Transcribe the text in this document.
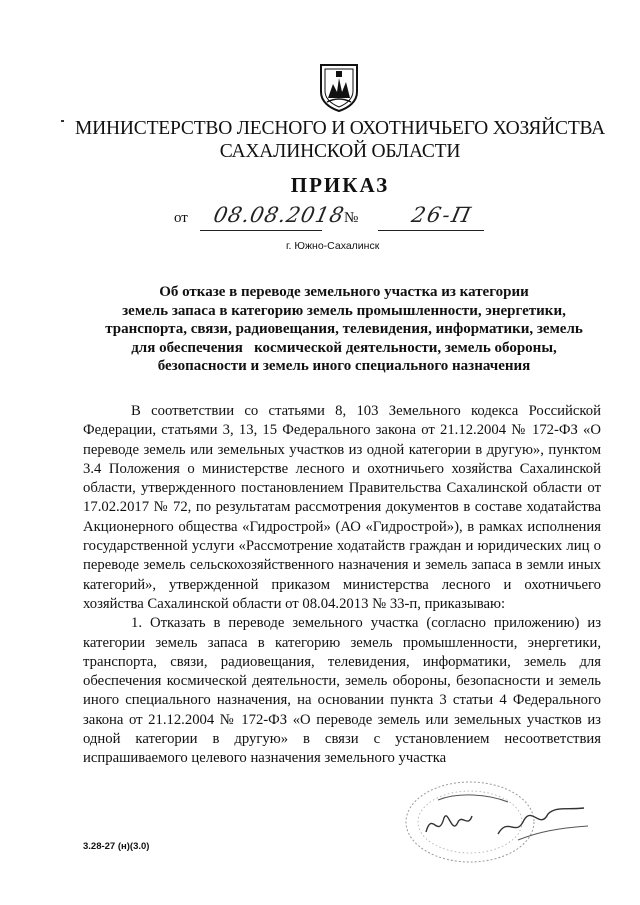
МИНИСТЕРСТВО ЛЕСНОГО И ОХОТНИЧЬЕГО ХОЗЯЙСТВА
САХАЛИНСКОЙ ОБЛАСТИ
ПРИКАЗ
от 08.08.2018
№ 26-П
г. Южно-Сахалинск
Об отказе в переводе земельного участка из категории
земель запаса в категорию земель промышленности, энергетики,
транспорта, связи, радиовещания, телевидения, информатики, земель
для обеспечения   космической деятельности, земель обороны,
безопасности и земель иного специального назначения

В соответствии со статьями 8, 103 Земельного кодекса Российской Федерации, статьями 3, 13, 15 Федерального закона от 21.12.2004 № 172-ФЗ «О переводе земель или земельных участков из одной категории в другую», пунктом 3.4 Положения о министерстве лесного и охотничьего хозяйства Сахалинской области, утвержденного постановлением Правительства Сахалинской области от 17.02.2017 № 72, по результатам рассмотрения документов в составе ходатайства Акционерного общества «Гидрострой» (АО «Гидрострой»), в рамках исполнения государственной услуги «Рассмотрение ходатайств граждан и юридических лиц о переводе земель сельскохозяйственного назначения и земель запаса в земли иных категорий», утвержденной приказом министерства лесного и охотничьего хозяйства Сахалинской области от 08.04.2013 № 33-п, приказываю:

1. Отказать в переводе земельного участка (согласно приложению) из категории земель запаса в категорию земель промышленности, энергетики, транспорта, связи, радиовещания, телевидения, информатики, земель для обеспечения космической деятельности, земель обороны, безопасности и земель иного специального назначения, на основании пункта 3 статьи 4 Федерального закона от 21.12.2004 № 172-ФЗ «О переводе земель или земельных участков из одной категории в другую» в связи с установлением несоответствия испрашиваемого целевого назначения земельного участка

3.28-27 (н)(3.0)
